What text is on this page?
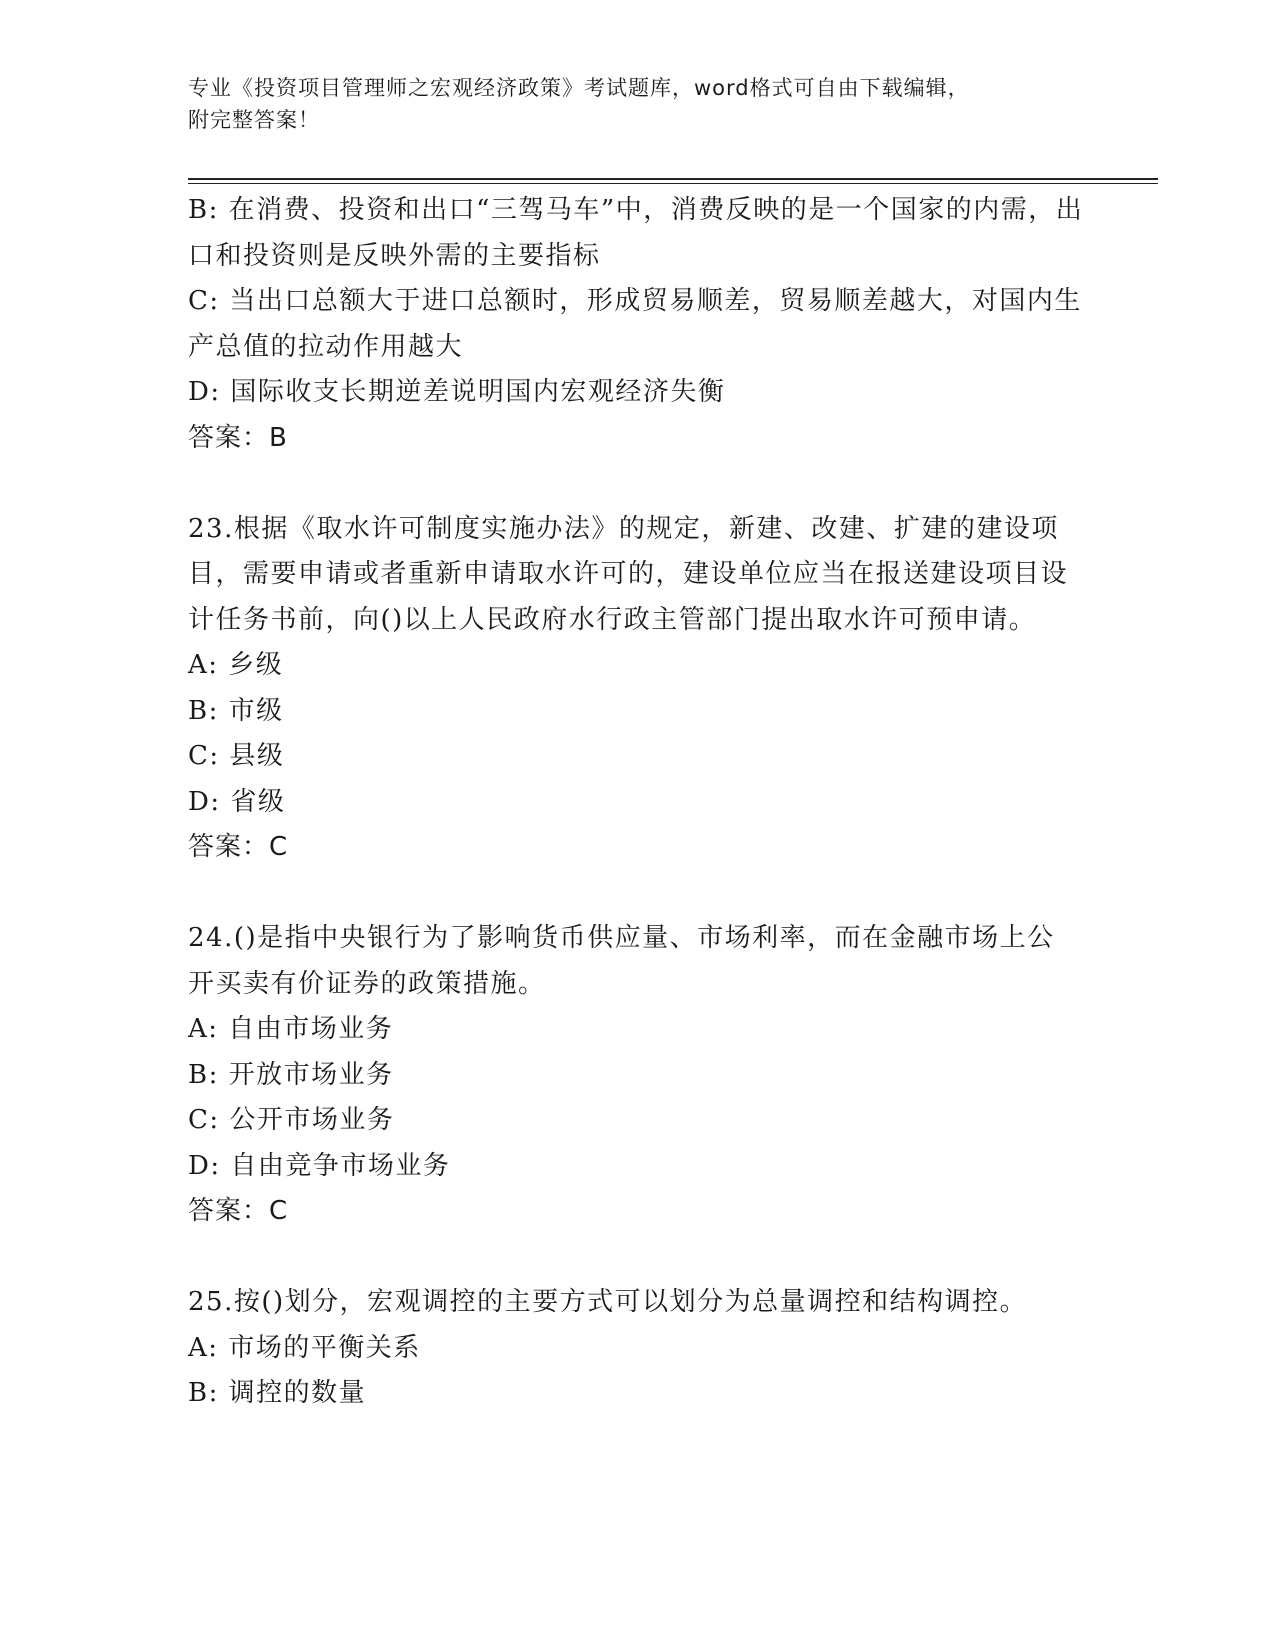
专业《投资项目管理师之宏观经济政策》考试题库，word格式可自由下载编辑，
附完整答案！

B: 在消费、投资和出口“三驾马车”中，消费反映的是一个国家的内需，出口和投资则是反映外需的主要指标

C: 当出口总额大于进口总额时，形成贸易顺差，贸易顺差越大，对国内生产总值的拉动作用越大

D: 国际收支长期逆差说明国内宏观经济失衡

答案：B

23.根据《取水许可制度实施办法》的规定，新建、改建、扩建的建设项目，需要申请或者重新申请取水许可的，建设单位应当在报送建设项目设计任务书前，向()以上人民政府水行政主管部门提出取水许可预申请。

A: 乡级

B: 市级

C: 县级

D: 省级

答案：C

24.()是指中央银行为了影响货币供应量、市场利率，而在金融市场上公开买卖有价证券的政策措施。

A: 自由市场业务

B: 开放市场业务

C: 公开市场业务

D: 自由竞争市场业务

答案：C

25.按()划分，宏观调控的主要方式可以划分为总量调控和结构调控。

A: 市场的平衡关系

B: 调控的数量
